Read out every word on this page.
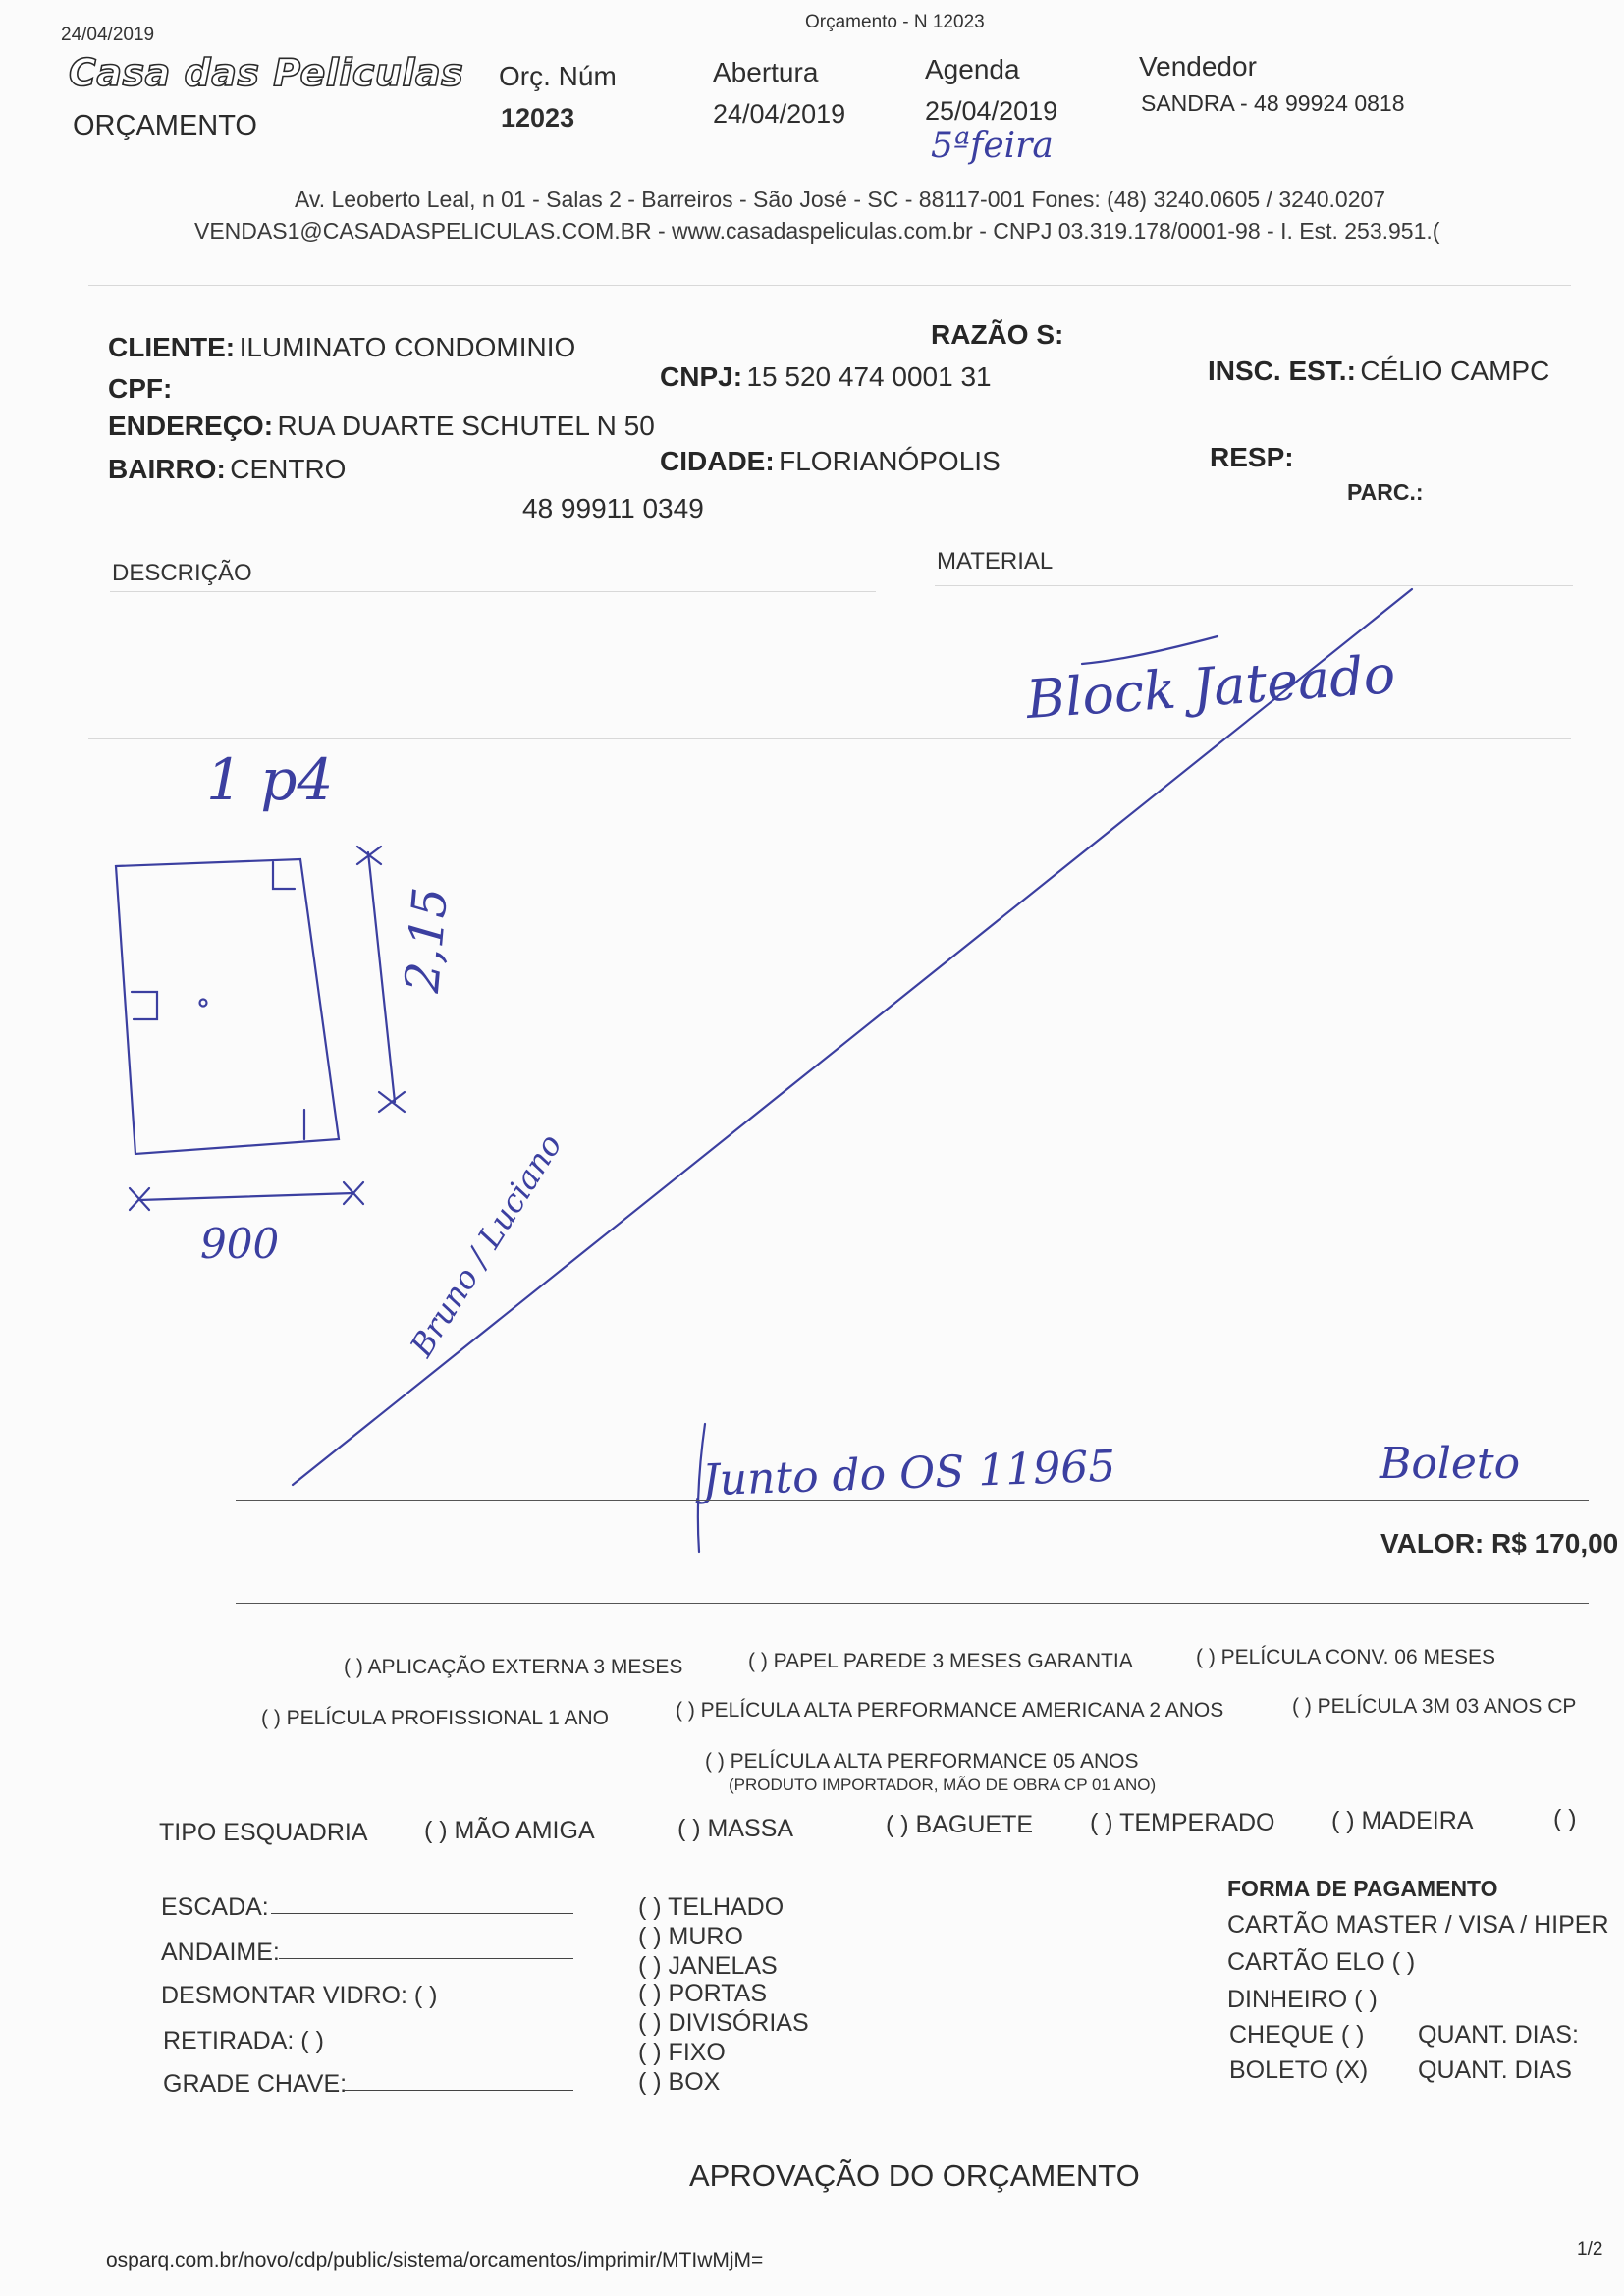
24/04/2019
Orçamento - N 12023
Casa das Peliculas
ORÇAMENTO
Orç. Núm
12023
Abertura
24/04/2019
Agenda
25/04/2019
Vendedor
SANDRA - 48 99924 0818
5ªfeira
Av. Leoberto Leal, n 01 - Salas 2 - Barreiros - São José - SC - 88117-001 Fones: (48) 3240.0605 / 3240.0207
VENDAS1@CASADASPELICULAS.COM.BR - www.casadaspeliculas.com.br - CNPJ 03.319.178/0001-98 - I. Est. 253.951.(
CLIENTE: ILUMINATO CONDOMINIO	RAZÃO S:
CPF:	CNPJ: 15 520 474 0001 31	INSC. EST.: CÉLIO CAMPC
ENDEREÇO: RUA DUARTE SCHUTEL N 50
BAIRRO: CENTRO	CIDADE: FLORIANÓPOLIS	RESP:
48 99911 0349
PARC.:
DESCRIÇÃO	MATERIAL
Block Jateado
1 p4
2,15
900	Bruno / Luciano
Junto do OS 11965	Boleto
VALOR: R$ 170,00
( ) APLICAÇÃO EXTERNA 3 MESES	( ) PAPEL PAREDE 3 MESES GARANTIA	( ) PELÍCULA CONV. 06 MESES
( ) PELÍCULA PROFISSIONAL 1 ANO	( ) PELÍCULA ALTA PERFORMANCE AMERICANA 2 ANOS	( ) PELÍCULA 3M 03 ANOS CP
( ) PELÍCULA ALTA PERFORMANCE 05 ANOS
(PRODUTO IMPORTADOR, MÃO DE OBRA CP 01 ANO)
TIPO ESQUADRIA ( ) MÃO AMIGA	( ) MASSA	( ) BAGUETE ( ) TEMPERADO ( ) MADEIRA	( )
ESCADA:
ANDAIME:
DESMONTAR VIDRO: ( )
RETIRADA: ( )
GRADE CHAVE:
( ) TELHADO
( ) MURO
( ) JANELAS
( ) PORTAS
( ) DIVISÓRIAS
( ) FIXO
( ) BOX
FORMA DE PAGAMENTO
CARTÃO MASTER / VISA / HIPER
CARTÃO ELO ( )
DINHEIRO ( )
CHEQUE ( ) QUANT. DIAS:
BOLETO (X) QUANT. DIAS
APROVAÇÃO DO ORÇAMENTO
osparq.com.br/novo/cdp/public/sistema/orcamentos/imprimir/MTIwMjM=	1/2
